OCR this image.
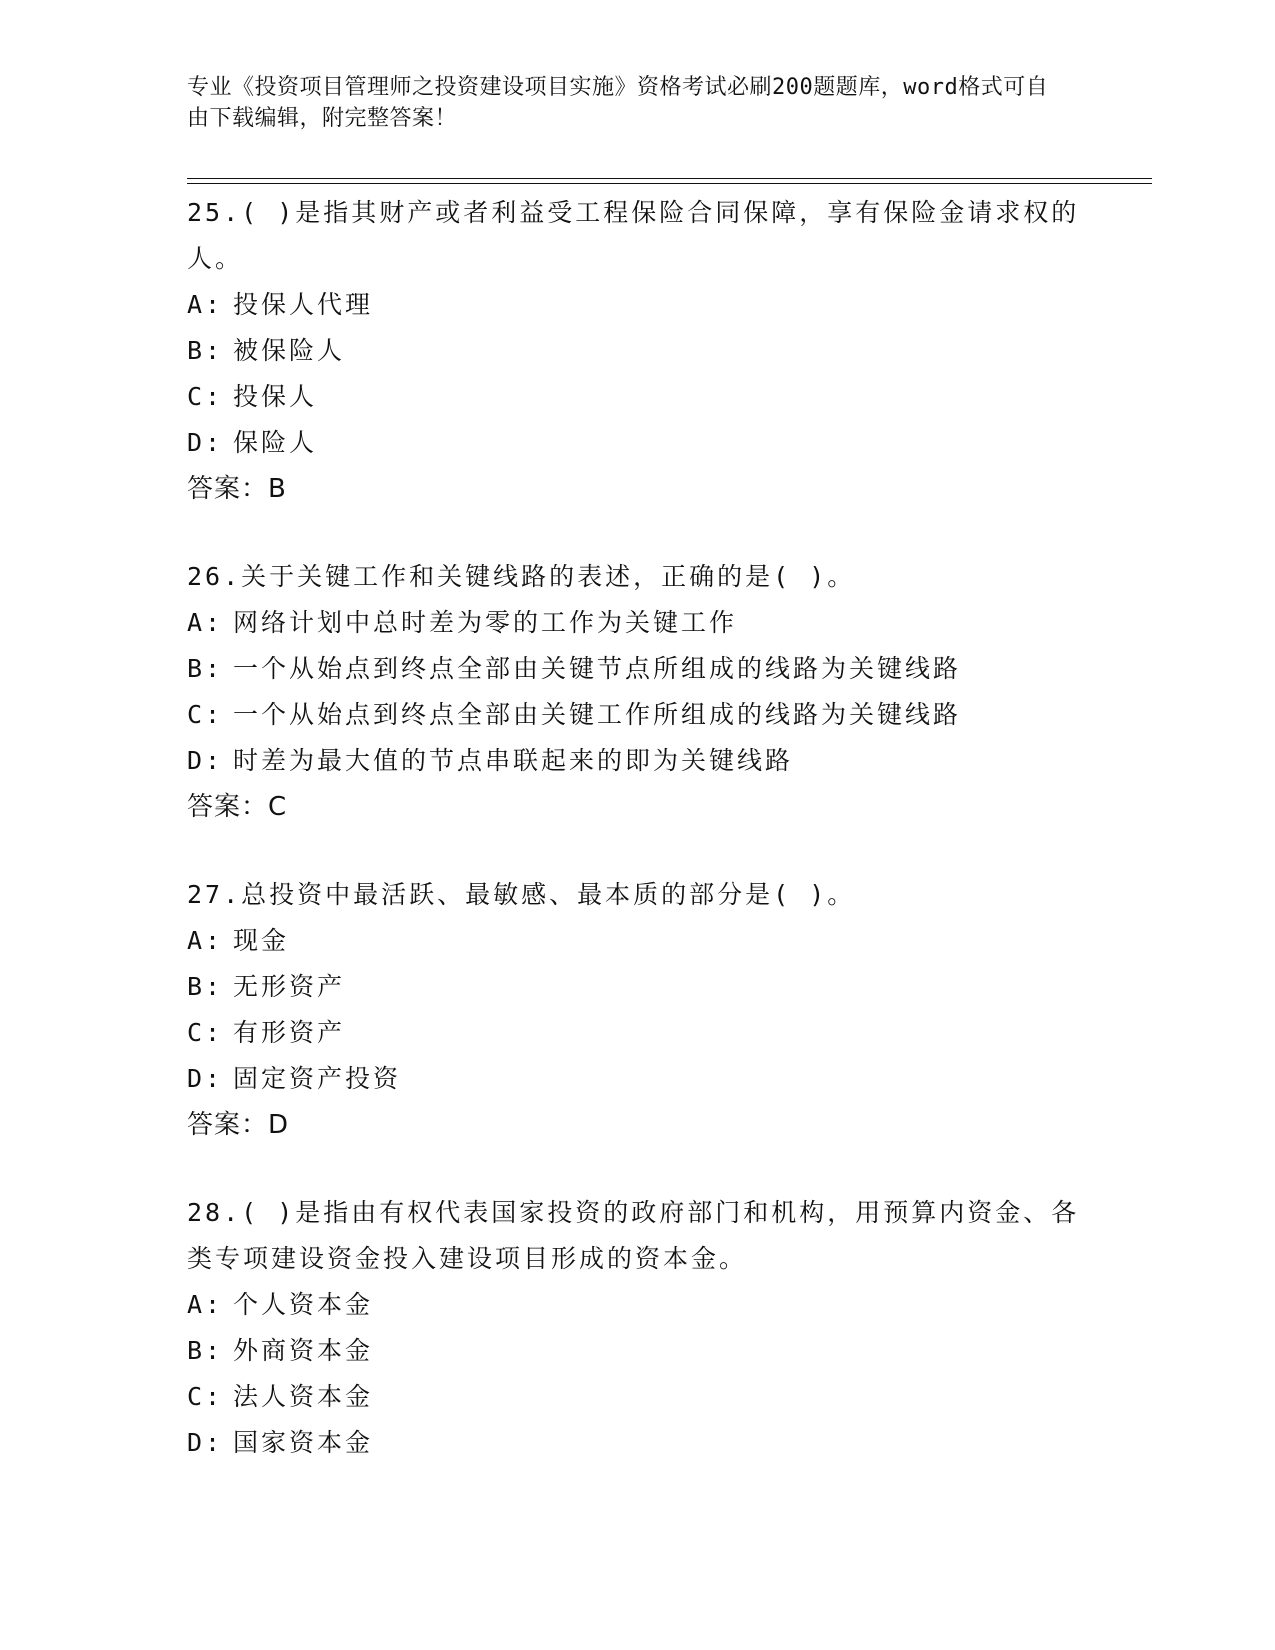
专业《投资项目管理师之投资建设项目实施》资格考试必刷200题题库，word格式可自由下载编辑，附完整答案！
25.( )是指其财产或者利益受工程保险合同保障，享有保险金请求权的人。
A: 投保人代理
B: 被保险人
C: 投保人
D: 保险人
答案：B
26.关于关键工作和关键线路的表述，正确的是( )。
A: 网络计划中总时差为零的工作为关键工作
B: 一个从始点到终点全部由关键节点所组成的线路为关键线路
C: 一个从始点到终点全部由关键工作所组成的线路为关键线路
D: 时差为最大值的节点串联起来的即为关键线路
答案：C
27.总投资中最活跃、最敏感、最本质的部分是( )。
A: 现金
B: 无形资产
C: 有形资产
D: 固定资产投资
答案：D
28.( )是指由有权代表国家投资的政府部门和机构，用预算内资金、各类专项建设资金投入建设项目形成的资本金。
A: 个人资本金
B: 外商资本金
C: 法人资本金
D: 国家资本金
